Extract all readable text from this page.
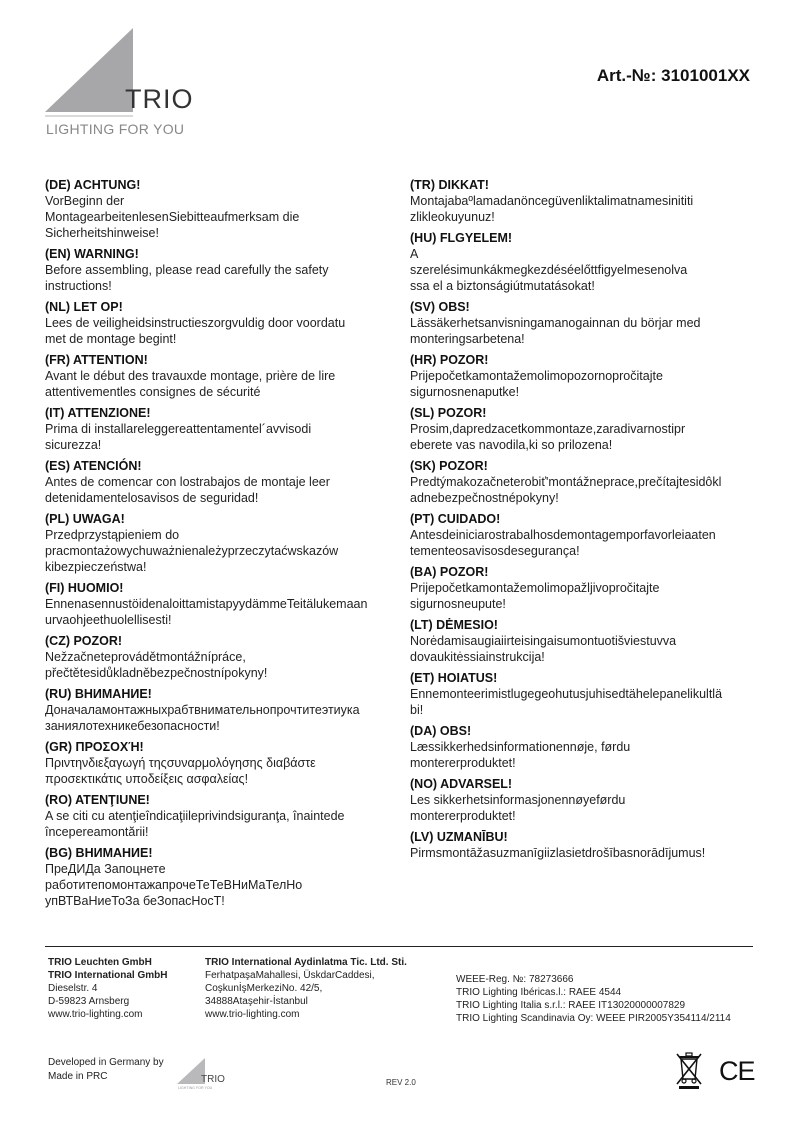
TRIO
LIGHTING FOR YOU
Art.-№: 3101001XX
(DE) ACHTUNG!

VorBeginn der
MontagearbeitenlesenSiebitteaufmerksam die
Sicherheitshinweise!

(EN) WARNING!

Before assembling, please read carefully the safety
instructions!

(NL) LET OP!

Lees de veiligheidsinstructieszorgvuldig door voordatu
met de montage begint!

(FR) ATTENTION!

Avant le début des travauxde montage, prière de lire
attentivementles consignes de sécurité

(IT) ATTENZIONE!

Prima di installareleggereattentamentel´avvisodi
sicurezza!

(ES) ATENCIÓN!

Antes de comencar con lostrabajos de montaje leer
detenidamentelosavisos de seguridad!

(PL) UWAGA!

Przedprzystąpieniem do
pracmontażowychuważnienależyprzeczytaćwskazów
kibezpieczeństwa!

(FI) HUOMIO!

EnnenasennustöidenaloittamistapyydämmeTeitälukemaan
urvaohjeethuolellisesti!

(CZ) POZOR!

Nežzačneteprovádětmontážnípráce,
přečtětesidůkladněbezpečnostnípokyny!

(RU) ВНИМАНИЕ!

Доначаламонтажныхрабтвнимательнопрочтитеэтиука
заниялотехникебезопасности!

(GR) ΠΡΟΣΟΧΉ!

Πριντηνδιεξαγωγή τηςσυναρμολόγησης διαβάστε
προσεκτικάτις υποδείξεις ασφαλείας!

(RO) ATENŢIUNE!

A se citi cu atenţieîndicaţiileprivindsiguranţa, înaintede
începereamontării!

(BG) ВНИМАНИЕ!

ПреДИДа Запоцнете
работитепомонтажапрочеТеТеВНиМаТелНо
упВТВаНиеТоЗа беЗопасНосТ!

(TR) DIKKAT!

Montajabaºlamadanöncegüvenliktalimatnamesinititi
zlikleokuyunuz!

(HU) FLGYELEM!

A
szerelésimunkákmegkezdéséelőttfigyelmesenolva
ssa el a biztonságiútmutatásokat!

(SV) OBS!

Lässäkerhetsanvisningamanogainnan du börjar med
monteringsarbetena!

(HR) POZOR!

Prijepočetkamontažemolimopozornopročitajte
sigurnosnenaputke!

(SL) POZOR!

Prosim,dapredzacetkommontaze,zaradivarnostipr
eberete vas navodila,ki so prilozena!

(SK) POZOR!

Predtýmakozačneterobiť'montážneprace,prečítajtesidôkl
adnebezpečnostnépokyny!

(PT) CUIDADO!

Antesdeiniciarostrabalhosdemontagemporfavorleiaaten
tementeosavisosdesegurança!

(BA) POZOR!

Prijepočetkamontažemolimopažljivopročitajte
sigurnosneupute!

(LT) DĖMESIO!

Norėdamisaugiaiirteisingaisumontuotišviestuvva
dovaukitėssiainstrukcija!

(ET) HOIATUS!

Ennemonteerimistlugegeohutusjuhisedtähelepanelikultlä
bi!

(DA) OBS!

Læssikkerhedsinformationennøje, førdu
montererproduktet!

(NO) ADVARSEL!

Les sikkerhetsinformasjonennøyeførdu
montererproduktet!

(LV) UZMANĪBU!

Pirmsmontāžasuzmanīgiizlasietdrošībasnorādījumus!

TRIO Leuchten GmbH
TRIO International GmbH
Dieselstr. 4
D-59823 Arnsberg
www.trio-lighting.com
TRIO International Aydinlatma Tic. Ltd. Sti.
FerhatpaşaMahallesi, ÜskdarCaddesi,
CoşkunİşMerkeziNo. 42/5,
34888Ataşehir-İstanbul
www.trio-lighting.com
WEEE-Reg. №: 78273666
TRIO Lighting Ibéricas.l.: RAEE 4544
TRIO Lighting Italia s.r.l.: RAEE IT13020000007829
TRIO Lighting Scandinavia Oy: WEEE PIR2005Y354114/2114
Developed in Germany by
Made in PRC	TRIO
LIGHTING FOR YOU
REV 2.0	CE
